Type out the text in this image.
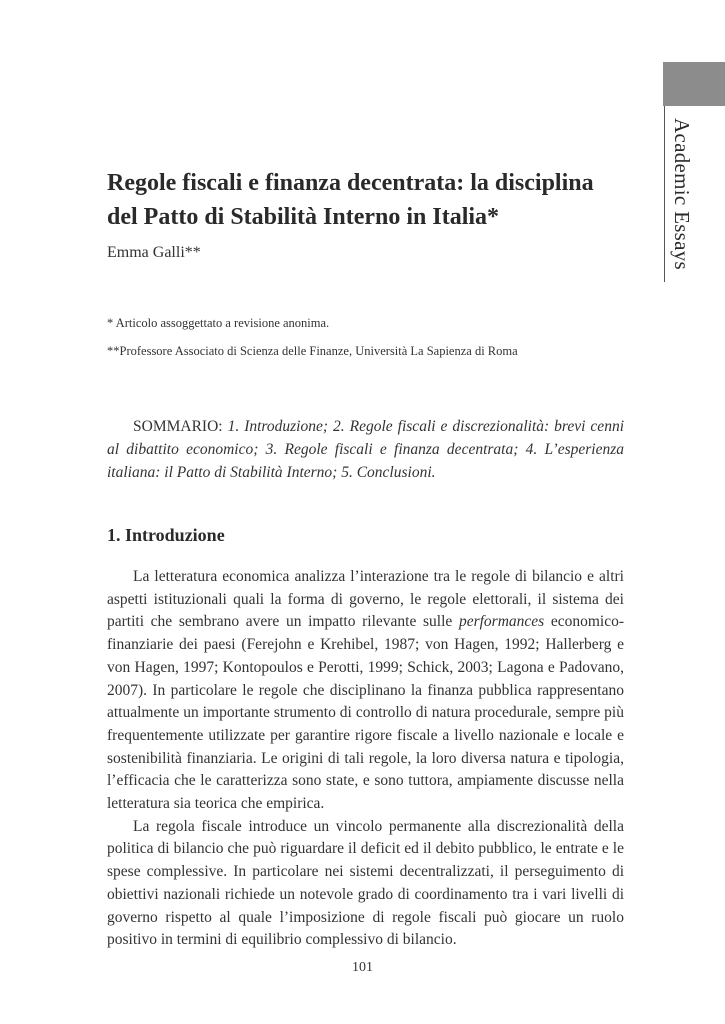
Academic Essays
Regole fiscali e finanza decentrata: la disciplina del Patto di Stabilità Interno in Italia*
Emma Galli**
* Articolo assoggettato a revisione anonima.
**Professore Associato di Scienza delle Finanze, Università La Sapienza di Roma

SOMMARIO: 1. Introduzione; 2. Regole fiscali e discrezionalità: brevi cenni al dibattito economico; 3. Regole fiscali e finanza decentrata; 4. L’esperienza italiana: il Patto di Stabilità Interno; 5. Conclusioni.

1. Introduzione

La letteratura economica analizza l’interazione tra le regole di bilancio e altri aspetti istituzionali quali la forma di governo, le regole elettorali, il sistema dei partiti che sembrano avere un impatto rilevante sulle performances economico-finanziarie dei paesi (Ferejohn e Krehibel, 1987; von Hagen, 1992; Hallerberg e von Hagen, 1997; Kontopoulos e Perotti, 1999; Schick, 2003; Lagona e Padovano, 2007). In particolare le regole che disciplinano la finanza pubblica rappresentano attualmente un importante strumento di controllo di natura procedurale, sempre più frequentemente utilizzate per garantire rigore fiscale a livello nazionale e locale e sostenibilità finanziaria. Le origini di tali regole, la loro diversa natura e tipologia, l’efficacia che le caratterizza sono state, e sono tuttora, ampiamente discusse nella letteratura sia teorica che empirica.

La regola fiscale introduce un vincolo permanente alla discrezionalità della politica di bilancio che può riguardare il deficit ed il debito pubblico, le entrate e le spese complessive. In particolare nei sistemi decentralizzati, il perseguimento di obiettivi nazionali richiede un notevole grado di coordinamento tra i vari livelli di governo rispetto al quale l’imposizione di regole fiscali può giocare un ruolo positivo in termini di equilibrio complessivo di bilancio.

101
